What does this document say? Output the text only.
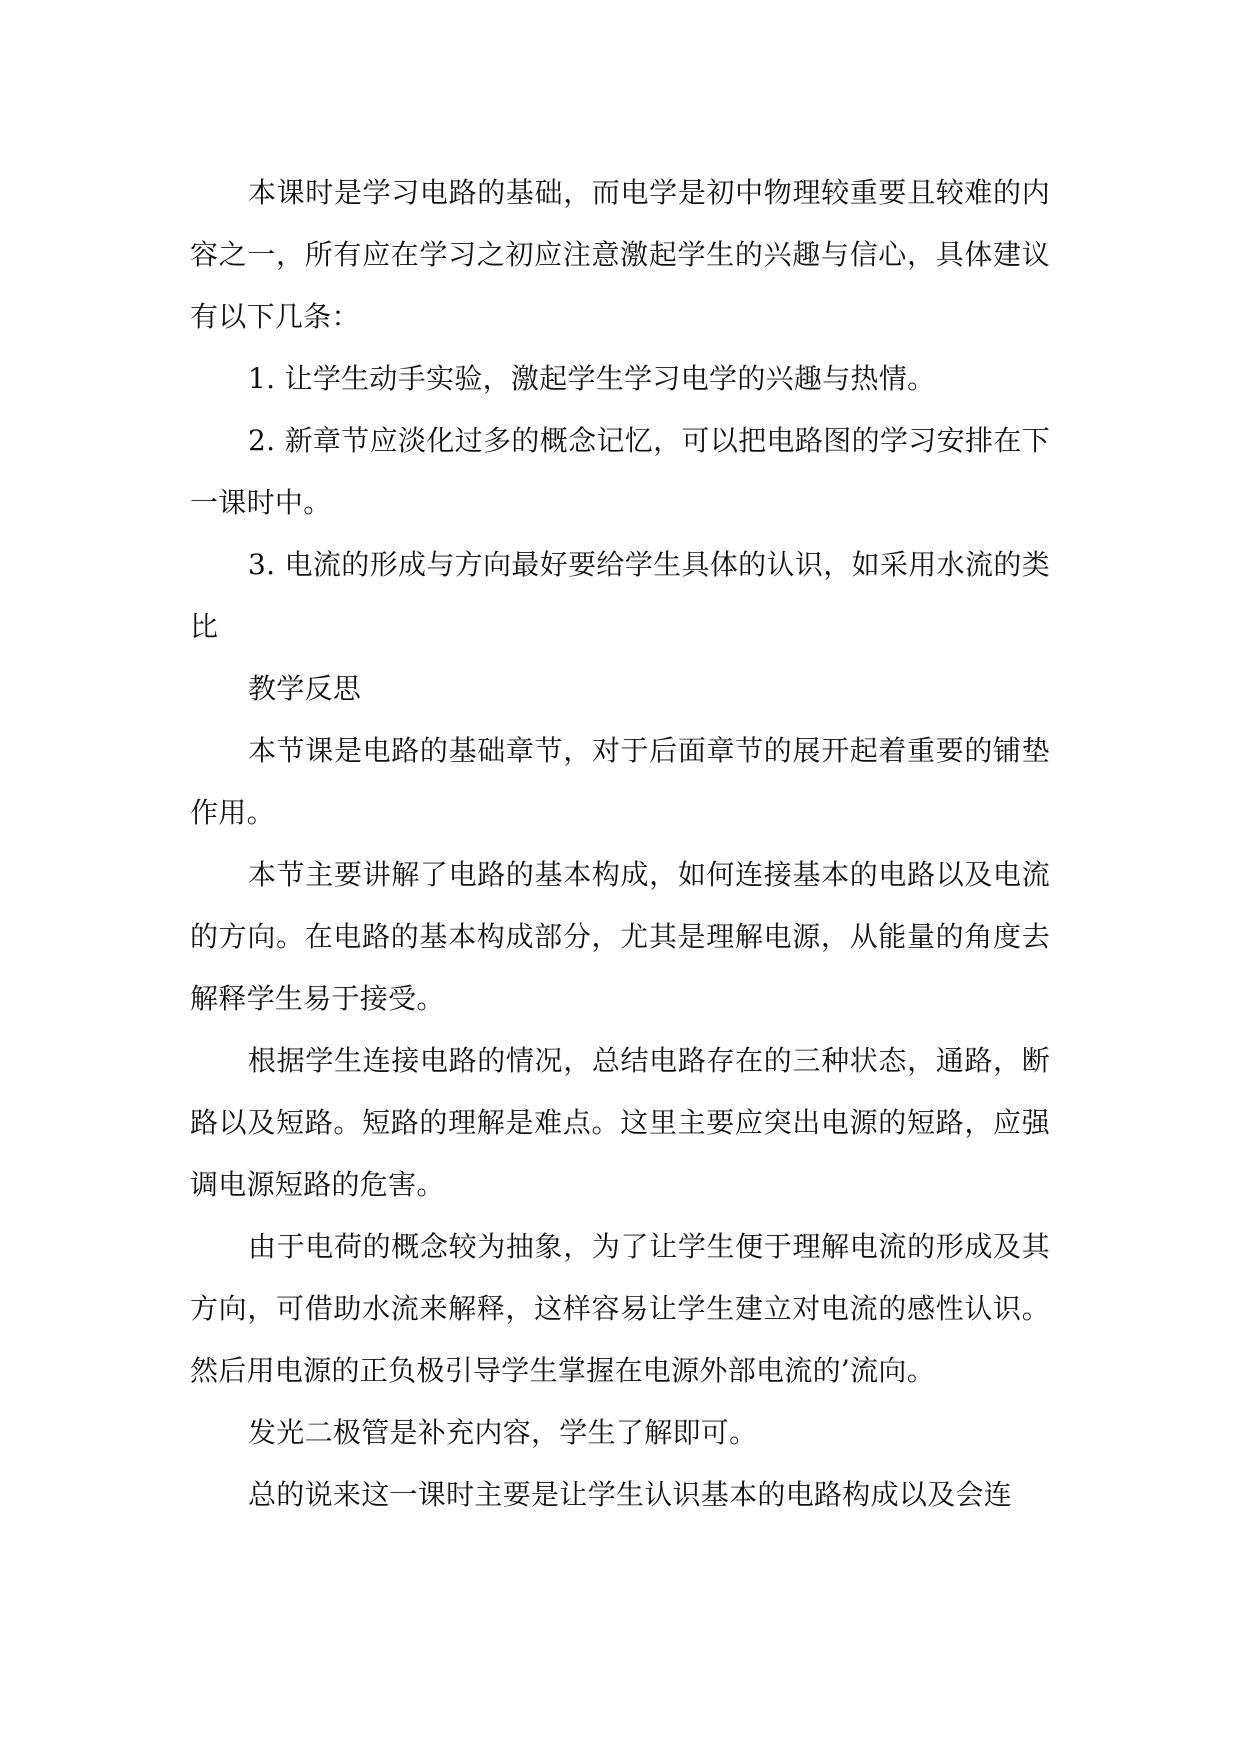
本课时是学习电路的基础，而电学是初中物理较重要且较难的内容之一，所有应在学习之初应注意激起学生的兴趣与信心，具体建议有以下几条：

1. 让学生动手实验，激起学生学习电学的兴趣与热情。

2. 新章节应淡化过多的概念记忆，可以把电路图的学习安排在下一课时中。

3. 电流的形成与方向最好要给学生具体的认识，如采用水流的类比

教学反思

本节课是电路的基础章节，对于后面章节的展开起着重要的铺垫作用。

本节主要讲解了电路的基本构成，如何连接基本的电路以及电流的方向。在电路的基本构成部分，尤其是理解电源，从能量的角度去解释学生易于接受。

根据学生连接电路的情况，总结电路存在的三种状态，通路，断路以及短路。短路的理解是难点。这里主要应突出电源的短路，应强调电源短路的危害。

由于电荷的概念较为抽象，为了让学生便于理解电流的形成及其方向，可借助水流来解释，这样容易让学生建立对电流的感性认识。然后用电源的正负极引导学生掌握在电源外部电流的’流向。

发光二极管是补充内容，学生了解即可。

总的说来这一课时主要是让学生认识基本的电路构成以及会连
